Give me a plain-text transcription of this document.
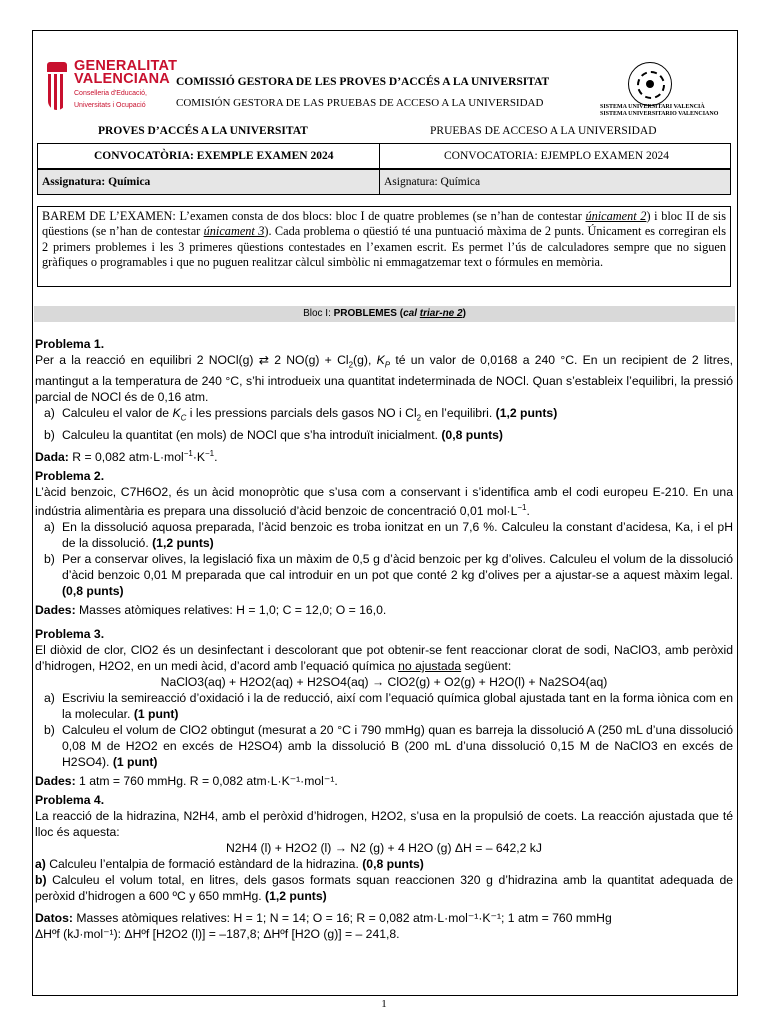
GENERALITAT
VALENCIANA
Conselleria d'Educació,
Universitats i Ocupació
COMISSIÓ GESTORA DE LES PROVES D’ACCÉS A LA UNIVERSITAT
COMISIÓN GESTORA DE LAS PRUEBAS DE ACCESO A LA UNIVERSIDAD	SISTEMA UNIVERSITARI VALENCIÀ
SISTEMA UNIVERSITARIO VALENCIANO
PROVES D’ACCÉS A LA UNIVERSITAT	PRUEBAS DE ACCESO A LA UNIVERSIDAD
CONVOCATÒRIA: EXEMPLE EXAMEN 2024	CONVOCATORIA: EJEMPLO EXAMEN 2024
Assignatura: Química	Asignatura: Química
BAREM DE L’EXAMEN: L’examen consta de dos blocs: bloc I de quatre problemes (se n’han de contestar únicament 2) i bloc II de sis qüestions (se n’han de contestar únicament 3). Cada problema o qüestió té una puntuació màxima de 2 punts. Únicament es corregiran els 2 primers problemes i les 3 primeres qüestions contestades en l’examen escrit. Es permet l’ús de calculadores sempre que no siguen gràfiques o programables i que no puguen realitzar càlcul simbòlic ni emmagatzemar text o fórmules en memòria.
Bloc I: PROBLEMES (cal triar-ne 2)

Problema 1.

Per a la reacció en equilibri 2 NOCl(g) ⇄ 2 $NO(g) + Cl_2(g)$, $K_P$ té un valor de 0,0168 a 240 °C. En un recipient de 2 litres, mantingut a la temperatura de 240 °C, s’hi introdueix una quantitat indeterminada de NOCl. Quan s’estableix l’equilibri, la pressió parcial de NOCl és de 0,16 atm.

a) Calculeu el valor de $K_C$ i les pressions parcials dels gasos NO i $Cl_2$ en l’equilibri. (1,2 punts)
b) Calculeu la quantitat (en mols) de NOCl que s’ha introduït inicialment. (0,8 punts)

Dada: R = 0,082 $atm\cdot L\cdot mol^{-1}\cdot K^{-1}$.

Problema 2.

L’àcid benzoic, C7H6O2, és un àcid monopròtic que s’usa com a conservant i s’identifica amb el codi europeu E-210. En una indústria alimentària es prepara una dissolució d’àcid benzoic de concentració 0,01 $mol\cdot L^{-1}$.

a) En la dissolució aquosa preparada, l’àcid benzoic es troba ionitzat en un 7,6 %. Calculeu la constant d’acidesa, Ka, i el pH de la dissolució. (1,2 punts)
b) Per a conservar olives, la legislació fixa un màxim de 0,5 g d’àcid benzoic per kg d’olives. Calculeu el volum de la dissolució d’àcid benzoic 0,01 M preparada que cal introduir en un pot que conté 2 kg d’olives per a ajustar-se a aquest màxim legal. (0,8 punts)

Dades: Masses atòmiques relatives: H = 1,0; C = 12,0; O = 16,0.

Problema 3.

El diòxid de clor, ClO2 és un desinfectant i descolorant que pot obtenir-se fent reaccionar clorat de sodi, NaClO3, amb peròxid d’hidrogen, H2O2, en un medi àcid, d’acord amb l’equació química no ajustada següent:

NaClO3(aq) + H2O2(aq) + H2SO4(aq) → ClO2(g) + O2(g) + H2O(l) + Na2SO4(aq)

a) Escriviu la semireacció d’oxidació i la de reducció, així com l’equació química global ajustada tant en la forma iònica com en la molecular. (1 punt)
b) Calculeu el volum de ClO2 obtingut (mesurat a 20 °C i 790 mmHg) quan es barreja la dissolució A (250 mL d’una dissolució 0,08 M de H2O2 en excés de H2SO4) amb la dissolució B (200 mL d’una dissolució 0,15 M de NaClO3 en excés de H2SO4). (1 punt)

Dades: 1 atm = 760 mmHg. R = 0,082 atm·L·K⁻¹·mol⁻¹.

Problema 4.

La reacció de la hidrazina, N2H4, amb el peròxid d’hidrogen, H2O2, s’usa en la propulsió de coets. La reacción ajustada que té lloc és aquesta:

N2H4 (l) + H2O2 (l) → N2 (g) + 4 H2O (g) ΔH = – 642,2 kJ

a) Calculeu l’entalpia de formació estàndard de la hidrazina. (0,8 punts)

b) Calculeu el volum total, en litres, dels gasos formats squan reaccionen 320 g d’hidrazina amb la quantitat adequada de peròxid d’hidrogen a 600 ºC y 650 mmHg. (1,2 punts)

Datos: Masses atòmiques relatives: H = 1; N = 14; O = 16; R = 0,082 atm·L·mol⁻¹·K⁻¹; 1 atm = 760 mmHg

ΔHºf (kJ·mol⁻¹): ΔHºf [H2O2 (l)] = –187,8; ΔHºf [H2O (g)] = – 241,8.

1
